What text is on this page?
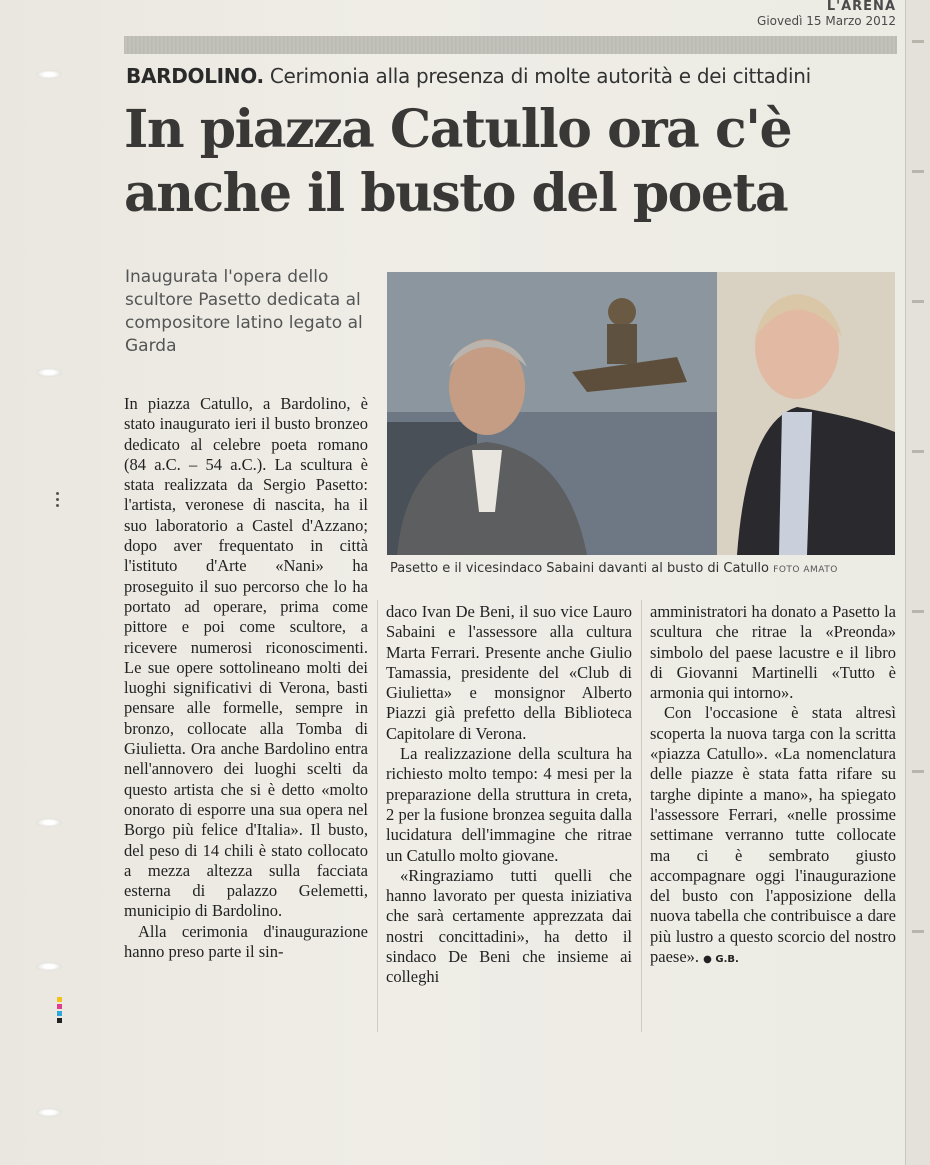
L'ARENA
Giovedì 15 Marzo 2012
BARDOLINO. Cerimonia alla presenza di molte autorità e dei cittadini
In piazza Catullo ora c'è
anche il busto del poeta
Inaugurata l'opera dello scultore Pasetto dedicata al compositore latino legato al Garda

In piazza Catullo, a Bardolino, è stato inaugurato ieri il busto bronzeo dedicato al celebre poeta romano (84 a.C. – 54 a.C.). La scultura è stata realizzata da Sergio Pasetto: l'artista, veronese di nascita, ha il suo laboratorio a Castel d'Azzano; dopo aver frequentato in città l'istituto d'Arte «Nani» ha proseguito il suo percorso che lo ha portato ad operare, prima come pittore e poi come scultore, a ricevere numerosi riconoscimenti. Le sue opere sottolineano molti dei luoghi significativi di Verona, basti pensare alle formelle, sempre in bronzo, collocate alla Tomba di Giulietta. Ora anche Bardolino entra nell'annovero dei luoghi scelti da questo artista che si è detto «molto onorato di esporre una sua opera nel Borgo più felice d'Italia». Il busto, del peso di 14 chili è stato collocato a mezza altezza sulla facciata esterna di palazzo Gelemetti, municipio di Bardolino.

Alla cerimonia d'inaugurazione hanno preso parte il sin-

Pasetto e il vicesindaco Sabaini davanti al busto di Catullo FOTO AMATO

daco Ivan De Beni, il suo vice Lauro Sabaini e l'assessore alla cultura Marta Ferrari. Presente anche Giulio Tamassia, presidente del «Club di Giulietta» e monsignor Alberto Piazzi già prefetto della Biblioteca Capitolare di Verona.

La realizzazione della scultura ha richiesto molto tempo: 4 mesi per la preparazione della struttura in creta, 2 per la fusione bronzea seguita dalla lucidatura dell'immagine che ritrae un Catullo molto giovane.

«Ringraziamo tutti quelli che hanno lavorato per questa iniziativa che sarà certamente apprezzata dai nostri concittadini», ha detto il sindaco De Beni che insieme ai colleghi

amministratori ha donato a Pasetto la scultura che ritrae la «Preonda» simbolo del paese lacustre e il libro di Giovanni Martinelli «Tutto è armonia qui intorno».

Con l'occasione è stata altresì scoperta la nuova targa con la scritta «piazza Catullo». «La nomenclatura delle piazze è stata fatta rifare su targhe dipinte a mano», ha spiegato l'assessore Ferrari, «nelle prossime settimane verranno tutte collocate ma ci è sembrato giusto accompagnare oggi l'inaugurazione del busto con l'apposizione della nuova tabella che contribuisce a dare più lustro a questo scorcio del nostro paese». ● G.B.
